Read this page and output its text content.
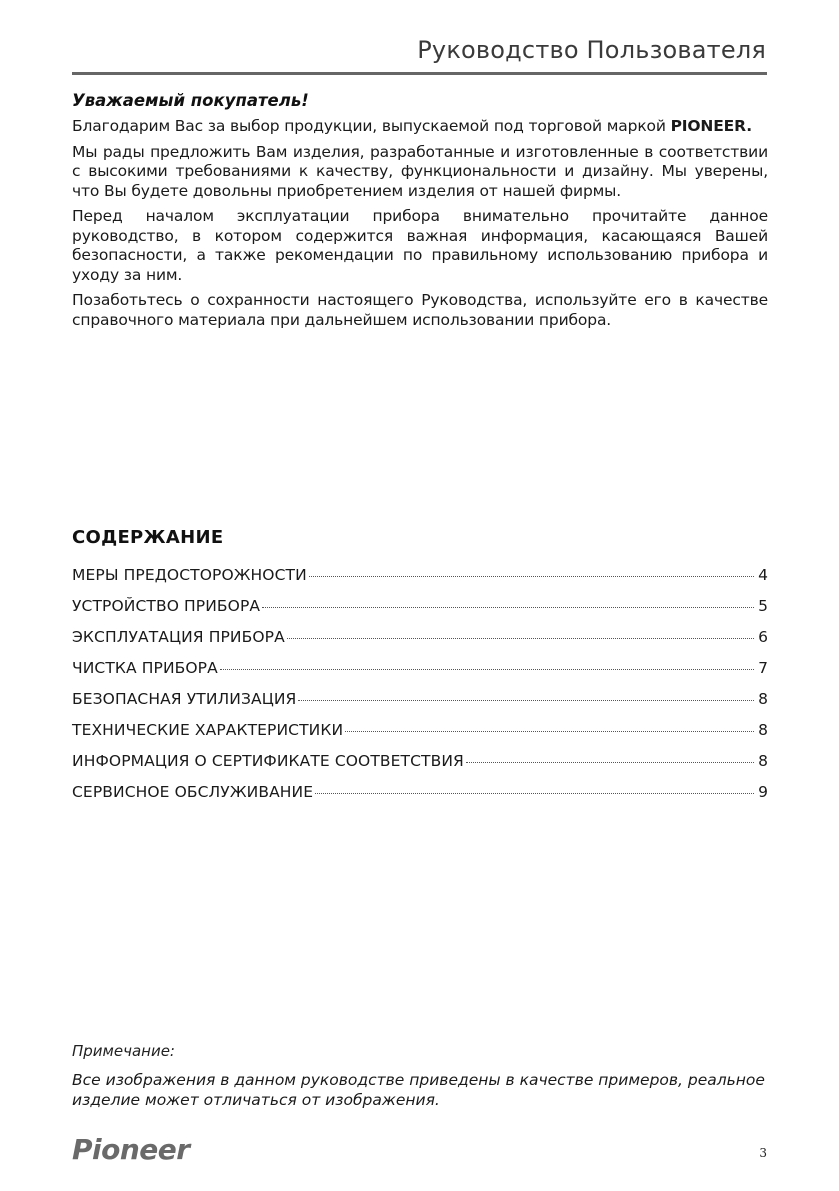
Руководство Пользователя
Уважаемый покупатель!

Благодарим Вас за выбор продукции, выпускаемой под торговой маркой PIONEER.

Мы рады предложить Вам изделия, разработанные и изготовленные в соответствии с высокими требованиями к качеству, функциональности и дизайну. Мы уверены, что Вы будете довольны приобретением изделия от нашей фирмы.

Перед началом эксплуатации прибора внимательно прочитайте данное руководство, в котором содержится важная информация, касающаяся Вашей безопасности, а также рекомендации по правильному использованию прибора и уходу за ним.

Позаботьтесь о сохранности настоящего Руководства, используйте его в качестве справочного материала при дальнейшем использовании прибора.

СОДЕРЖАНИЕ
МЕРЫ ПРЕДОСТОРОЖНОСТИ	4
УСТРОЙСТВО ПРИБОРА	5
ЭКСПЛУАТАЦИЯ ПРИБОРА	6
ЧИСТКА ПРИБОРА	7
БЕЗОПАСНАЯ УТИЛИЗАЦИЯ	8
ТЕХНИЧЕСКИЕ ХАРАКТЕРИСТИКИ	8
ИНФОРМАЦИЯ О СЕРТИФИКАТЕ СООТВЕТСТВИЯ	8
СЕРВИСНОЕ ОБСЛУЖИВАНИЕ	9
Примечание:
Все изображения в данном руководстве приведены в качестве примеров, реальное изделие может отличаться от изображения.
Pioneer	3
